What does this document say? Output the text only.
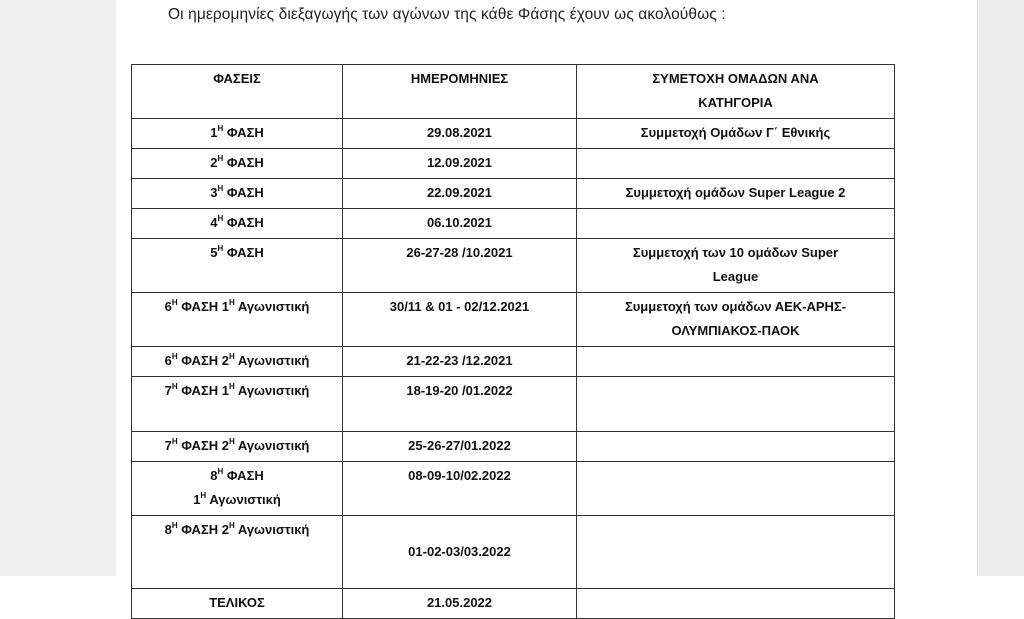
Οι ημερομηνίες διεξαγωγής των αγώνων της κάθε Φάσης έχουν ως ακολούθως :
ΦΑΣΕΙΣ	ΗΜΕΡΟΜΗΝΙΕΣ	ΣΥΜΕΤΟΧΗ ΟΜΑΔΩΝ ΑΝΑ
ΚΑΤΗΓΟΡΙΑ
$1^H$ ΦΑΣΗ	29.08.2021	Συμμετοχή Ομάδων Γ΄ Εθνικής
$2^H$ ΦΑΣΗ	12.09.2021	
$3^H$ ΦΑΣΗ	22.09.2021	Συμμετοχή ομάδων Super League 2
$4^H$ ΦΑΣΗ	06.10.2021	
$5^H$ ΦΑΣΗ	26-27-28 /10.2021	Συμμετοχή των 10 ομάδων Super
League
$6^H$ ΦΑΣΗ $1^H$ Αγωνιστική	30/11 & 01 - 02/12.2021	Συμμετοχή των ομάδων ΑΕΚ-ΑΡΗΣ-
ΟΛΥΜΠΙΑΚΟΣ-ΠΑΟΚ
$6^H$ ΦΑΣΗ $2^H$ Αγωνιστική	21-22-23 /12.2021	
$7^H$ ΦΑΣΗ $1^H$ Αγωνιστική	18-19-20 /01.2022	
$7^H$ ΦΑΣΗ $2^H$ Αγωνιστική	25-26-27/01.2022	
$8^H$ ΦΑΣΗ
$1^H$ Αγωνιστική	08-09-10/02.2022	
$8^H$ ΦΑΣΗ $2^H$ Αγωνιστική	01-02-03/03.2022	
ΤΕΛΙΚΟΣ	21.05.2022	
